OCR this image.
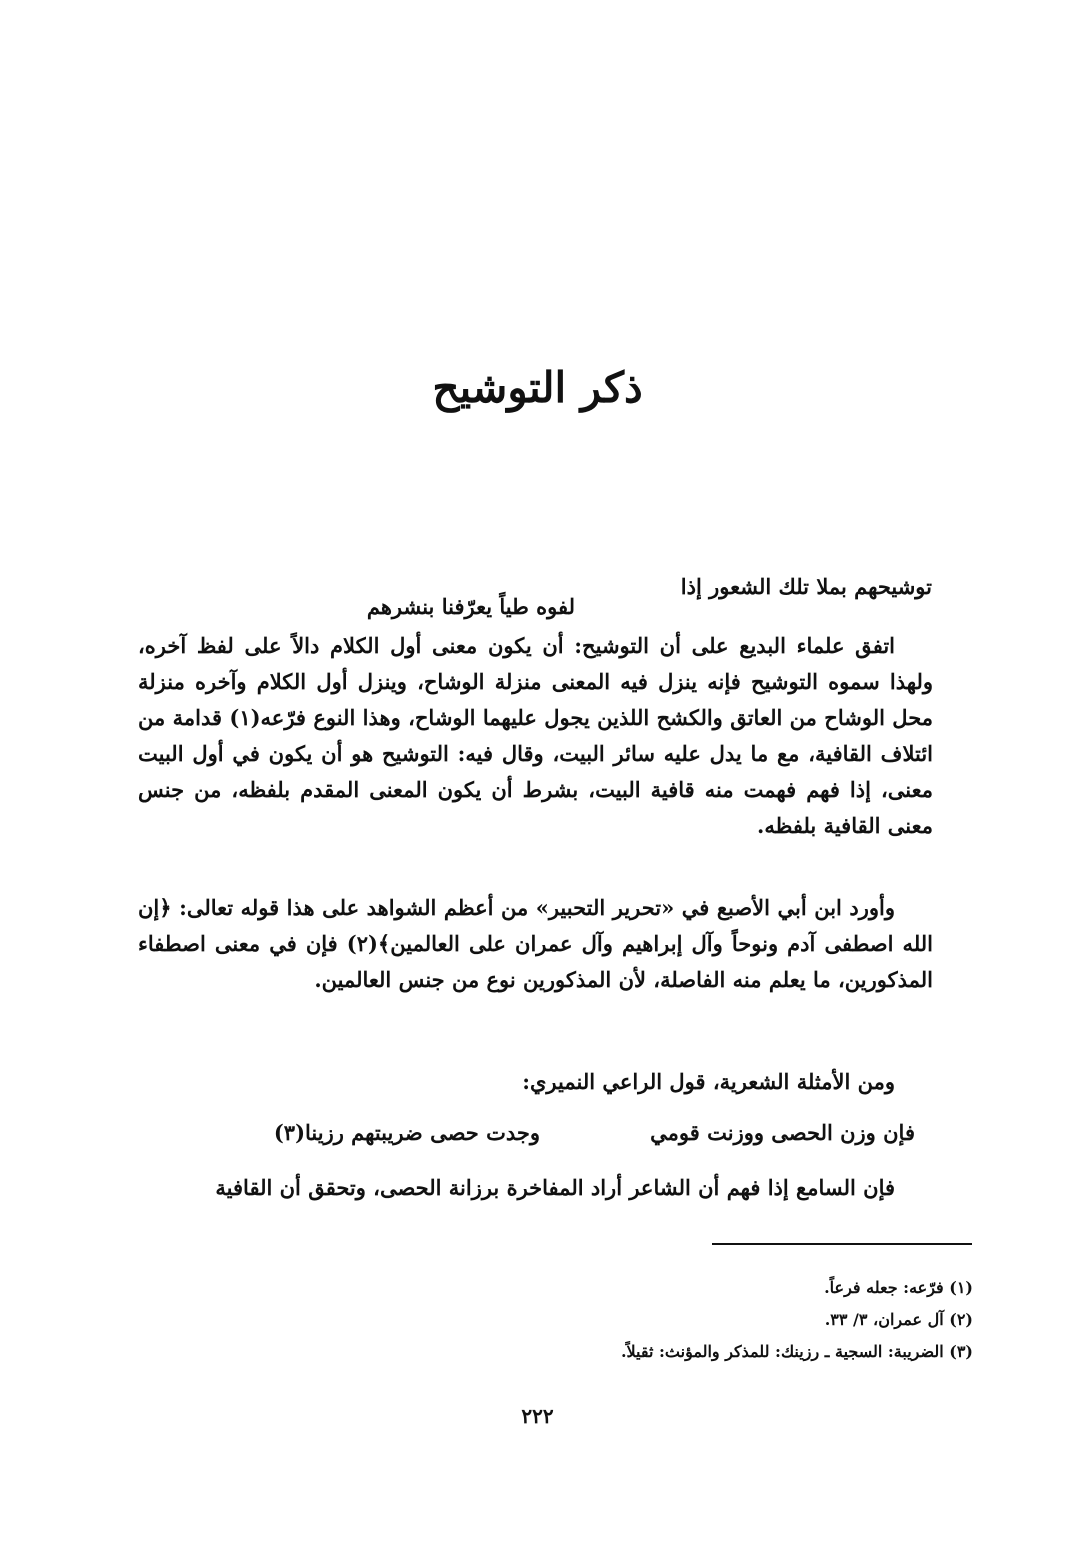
ذكر التوشيح
توشيحهم بملا تلك الشعور إذا
لفوه طياً يعرّفنا بنشرهم

اتفق علماء البديع على أن التوشيح: أن يكون معنى أول الكلام دالاً على لفظ آخره، ولهذا سموه التوشيح فإنه ينزل فيه المعنى منزلة الوشاح، وينزل أول الكلام وآخره منزلة محل الوشاح من العاتق والكشح اللذين يجول عليهما الوشاح، وهذا النوع فرّعه(١) قدامة من ائتلاف القافية، مع ما يدل عليه سائر البيت، وقال فيه: التوشيح هو أن يكون في أول البيت معنى، إذا فهم فهمت منه قافية البيت، بشرط أن يكون المعنى المقدم بلفظه، من جنس معنى القافية بلفظه.

وأورد ابن أبي الأصبع في «تحرير التحبير» من أعظم الشواهد على هذا قوله تعالى: ﴿إن الله اصطفى آدم ونوحاً وآل إبراهيم وآل عمران على العالمين﴾(٢) فإن في معنى اصطفاء المذكورين، ما يعلم منه الفاصلة، لأن المذكورين نوع من جنس العالمين.

ومن الأمثلة الشعرية، قول الراعي النميري:

فإن وزن الحصى ووزنت قومي
وجدت حصى ضريبتهم رزينا(٣)

فإن السامع إذا فهم أن الشاعر أراد المفاخرة برزانة الحصى، وتحقق أن القافية

(١) فرّعه: جعله فرعاً.
(٢) آل عمران، ٣/ ٣٣.
(٣) الضريبة: السجية ـ رزينك: للمذكر والمؤنث: ثقيلاً.
٢٢٢
